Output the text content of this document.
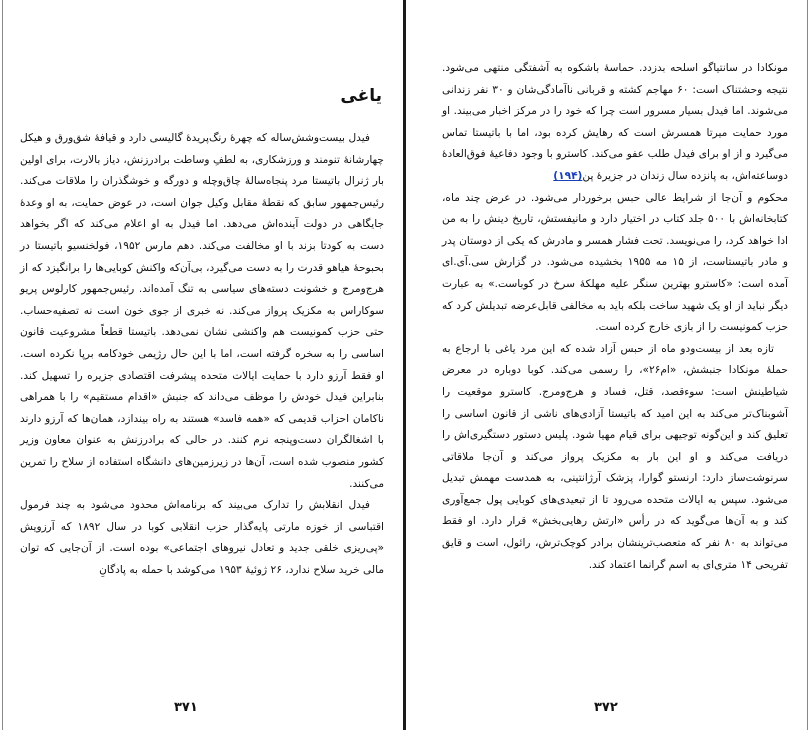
یاغی

فیدل بیست‌وشش‌ساله که چهرهٔ رنگ‌پریدهٔ گالیسی دارد و قیافهٔ شق‌ورق و هیکل چهارشانهٔ تنومند و ورزشکاری، به لطفِ وساطت برادرزنش، دیاز بالارت، برای اولین بار ژنرال باتیستا مرد پنجاه‌سالهٔ چاق‌وچله و دورگه و خوشگذران را ملاقات می‌کند. رئیس‌جمهور سابق که نقطهٔ مقابل وکیل جوان است، در عوض حمایت، به او وعدهٔ جایگاهی در دولت آینده‌اش می‌دهد. اما فیدل به او اعلام می‌کند که اگر بخواهد دست به کودتا بزند با او مخالفت می‌کند. دهم مارس ۱۹۵۲، فولخنسیو باتیستا در بحبوحهٔ هیاهو قدرت را به دست می‌گیرد، بی‌آن‌که واکنش کوبایی‌ها را برانگیزد که از هرج‌ومرج و خشونت دسته‌های سیاسی به تنگ آمده‌اند. رئیس‌جمهور کارلوس پریو سوکاراس به مکزیک پرواز می‌کند. نه خبری از جوی خون است نه تصفیه‌حساب. حتی حزب کمونیست هم واکنشی نشان نمی‌دهد. باتیستا قطعاً مشروعیت قانون اساسی را به سخره گرفته است، اما با این حال رژیمی خودکامه برپا نکرده است. او فقط آرزو دارد با حمایت ایالات متحده پیشرفت اقتصادی جزیره را تسهیل کند. بنابراین فیدل خودش را موظف می‌داند که جنبش «اقدام مستقیم» را با همراهی ناکامان احزاب قدیمی که «همه فاسد» هستند به راه بیندازد، همان‌ها که آرزو دارند با اشغالگران دست‌وپنجه نرم کنند. در حالی که برادرزنش به عنوان معاون وزیر کشور منصوب شده است، آن‌ها در زیرزمین‌های دانشگاه استفاده از سلاح را تمرین می‌کنند.

فیدل انقلابش را تدارک می‌بیند که برنامه‌اش محدود می‌شود به چند فرمول اقتباسی از خوزه مارتی پایه‌گذار حزب انقلابی کوبا در سال ۱۸۹۲ که آرزویش «پی‌ریزی خلقی جدید و تعادل نیروهای اجتماعی» بوده است. از آن‌جایی که توان مالی خرید سلاح ندارد، ۲۶ ژوئیهٔ ۱۹۵۳ می‌کوشد با حمله به پادگانِ

۳۷۱

مونکادا در سانتیاگو اسلحه بدزدد. حماسهٔ باشکوه به آشفتگی منتهی می‌شود. نتیجه وحشتناک است: ۶۰ مهاجم کشته و قربانی ناآمادگی‌شان و ۳۰ نفر زندانی می‌شوند. اما فیدل بسیار مسرور است چرا که خود را در مرکز اخبار می‌بیند. او مورد حمایت میرتا همسرش است که رهایش کرده بود، اما با باتیستا تماس می‌گیرد و از او برای فیدل طلب عفو می‌کند. کاسترو با وجود دفاعیهٔ فوق‌العادهٔ دوساعته‌اش، به پانزده سال زندان در جزیرهٔ پن(۱۹۴)

محکوم و آن‌جا از شرایط عالی حبس برخوردار می‌شود. در عرض چند ماه، کتابخانه‌اش با ۵۰۰ جلد کتاب در اختیار دارد و مانیفستش، تاریخ دینش را به من ادا خواهد کرد، را می‌نویسد. تحت فشار همسر و مادرش که یکی از دوستان پدر و مادر باتیستاست، از ۱۵ مه ۱۹۵۵ بخشیده می‌شود. در گزارش سی.آی.ای آمده است: «کاسترو بهترین سنگر علیه مهلکهٔ سرخ در کوباست.» به عبارت دیگر نباید از او یک شهید ساخت بلکه باید به مخالفی قابل‌عرضه تبدیلش کرد که حزب کمونیست را از بازی خارج کرده است.

تازه بعد از بیست‌ودو ماه از حبس آزاد شده که این مرد یاغی با ارجاع به حملهٔ مونکادا جنبشش، «ام۲۶»، را رسمی می‌کند. کوبا دوباره در معرض شیاطینش است: سوءقصد، قتل، فساد و هرج‌ومرج. کاسترو موقعیت را آشوبناک‌تر می‌کند به این امید که باتیستا آزادی‌های ناشی از قانون اساسی را تعلیق کند و این‌گونه توجیهی برای قیام مهیا شود. پلیس دستور دستگیری‌اش را دریافت می‌کند و او این بار به مکزیک پرواز می‌کند و آن‌جا ملاقاتی سرنوشت‌ساز دارد: ارنستو گوارا، پزشک آرژانتینی، به همدست مهمش تبدیل می‌شود. سپس به ایالات متحده می‌رود تا از تبعیدی‌های کوبایی پول جمع‌آوری کند و به آن‌ها می‌گوید که در رأس «ارتش رهایی‌بخش» قرار دارد. او فقط می‌تواند به ۸۰ نفر که متعصب‌ترینشان برادر کوچک‌ترش، رائول، است و قایق تفریحی ۱۴ متری‌ای به اسم گرانما اعتماد کند.

۳۷۲
